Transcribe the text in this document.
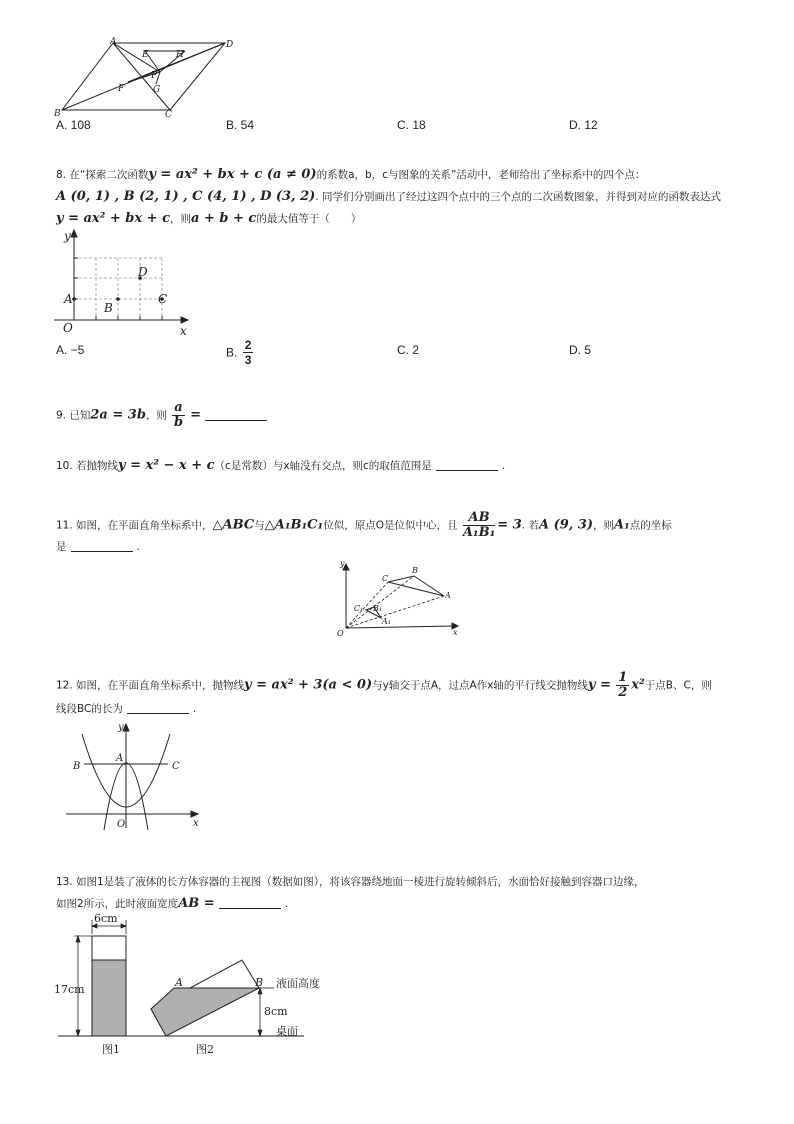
A	D
B	C
E	H
F	G
P
A. 108	B. 54	C. 18	D. 12
8. 在“探索二次函数y = ax² + bx + c (a ≠ 0)的系数a，b，c与图象的关系”活动中，老师给出了坐标系中的四个点：
A (0, 1) , B (2, 1) , C (4, 1) , D (3, 2). 同学们分别画出了经过这四个点中的三个点的二次函数图象，并得到对应的函数表达式
y = ax² + bx + c，则a + b + c的最大值等于（　　）
y
x
O
A
B
C
D
A. −5	B. $\frac{2}{3}$	C. 2	D. 5
9. 已知2a = 3b，则 $\frac{a}{b}$ =
10. 若抛物线y = x² − x + c（c是常数）与x轴没有交点，则c的取值范围是	.
11. 如图，在平面直角坐标系中，△ABC与△A₁B₁C₁位似，原点O是位似中心，且 $\frac{AB}{\text{A₁B₁}} = 3$. 若A (9, 3)，则A₁点的坐标
是	.
y
x
O
C
B
A
C₁ B₁
A₁
12. 如图，在平面直角坐标系中，抛物线y = ax² + 3(a < 0)与y轴交于点A，过点A作x轴的平行线交抛物线$y = \frac{1}{2} x^2$于点B、C，则
线段BC的长为	.
y
x
O
A
B	C
13. 如图1是装了液体的长方体容器的主视图（数据如图），将该容器绕地面一棱进行旋转倾斜后，水面恰好接触到容器口边缘，
如图2所示，此时液面宽度AB =	.
6cm
17cm
8cm
图1	图2
液面高度
桌面
A	B
